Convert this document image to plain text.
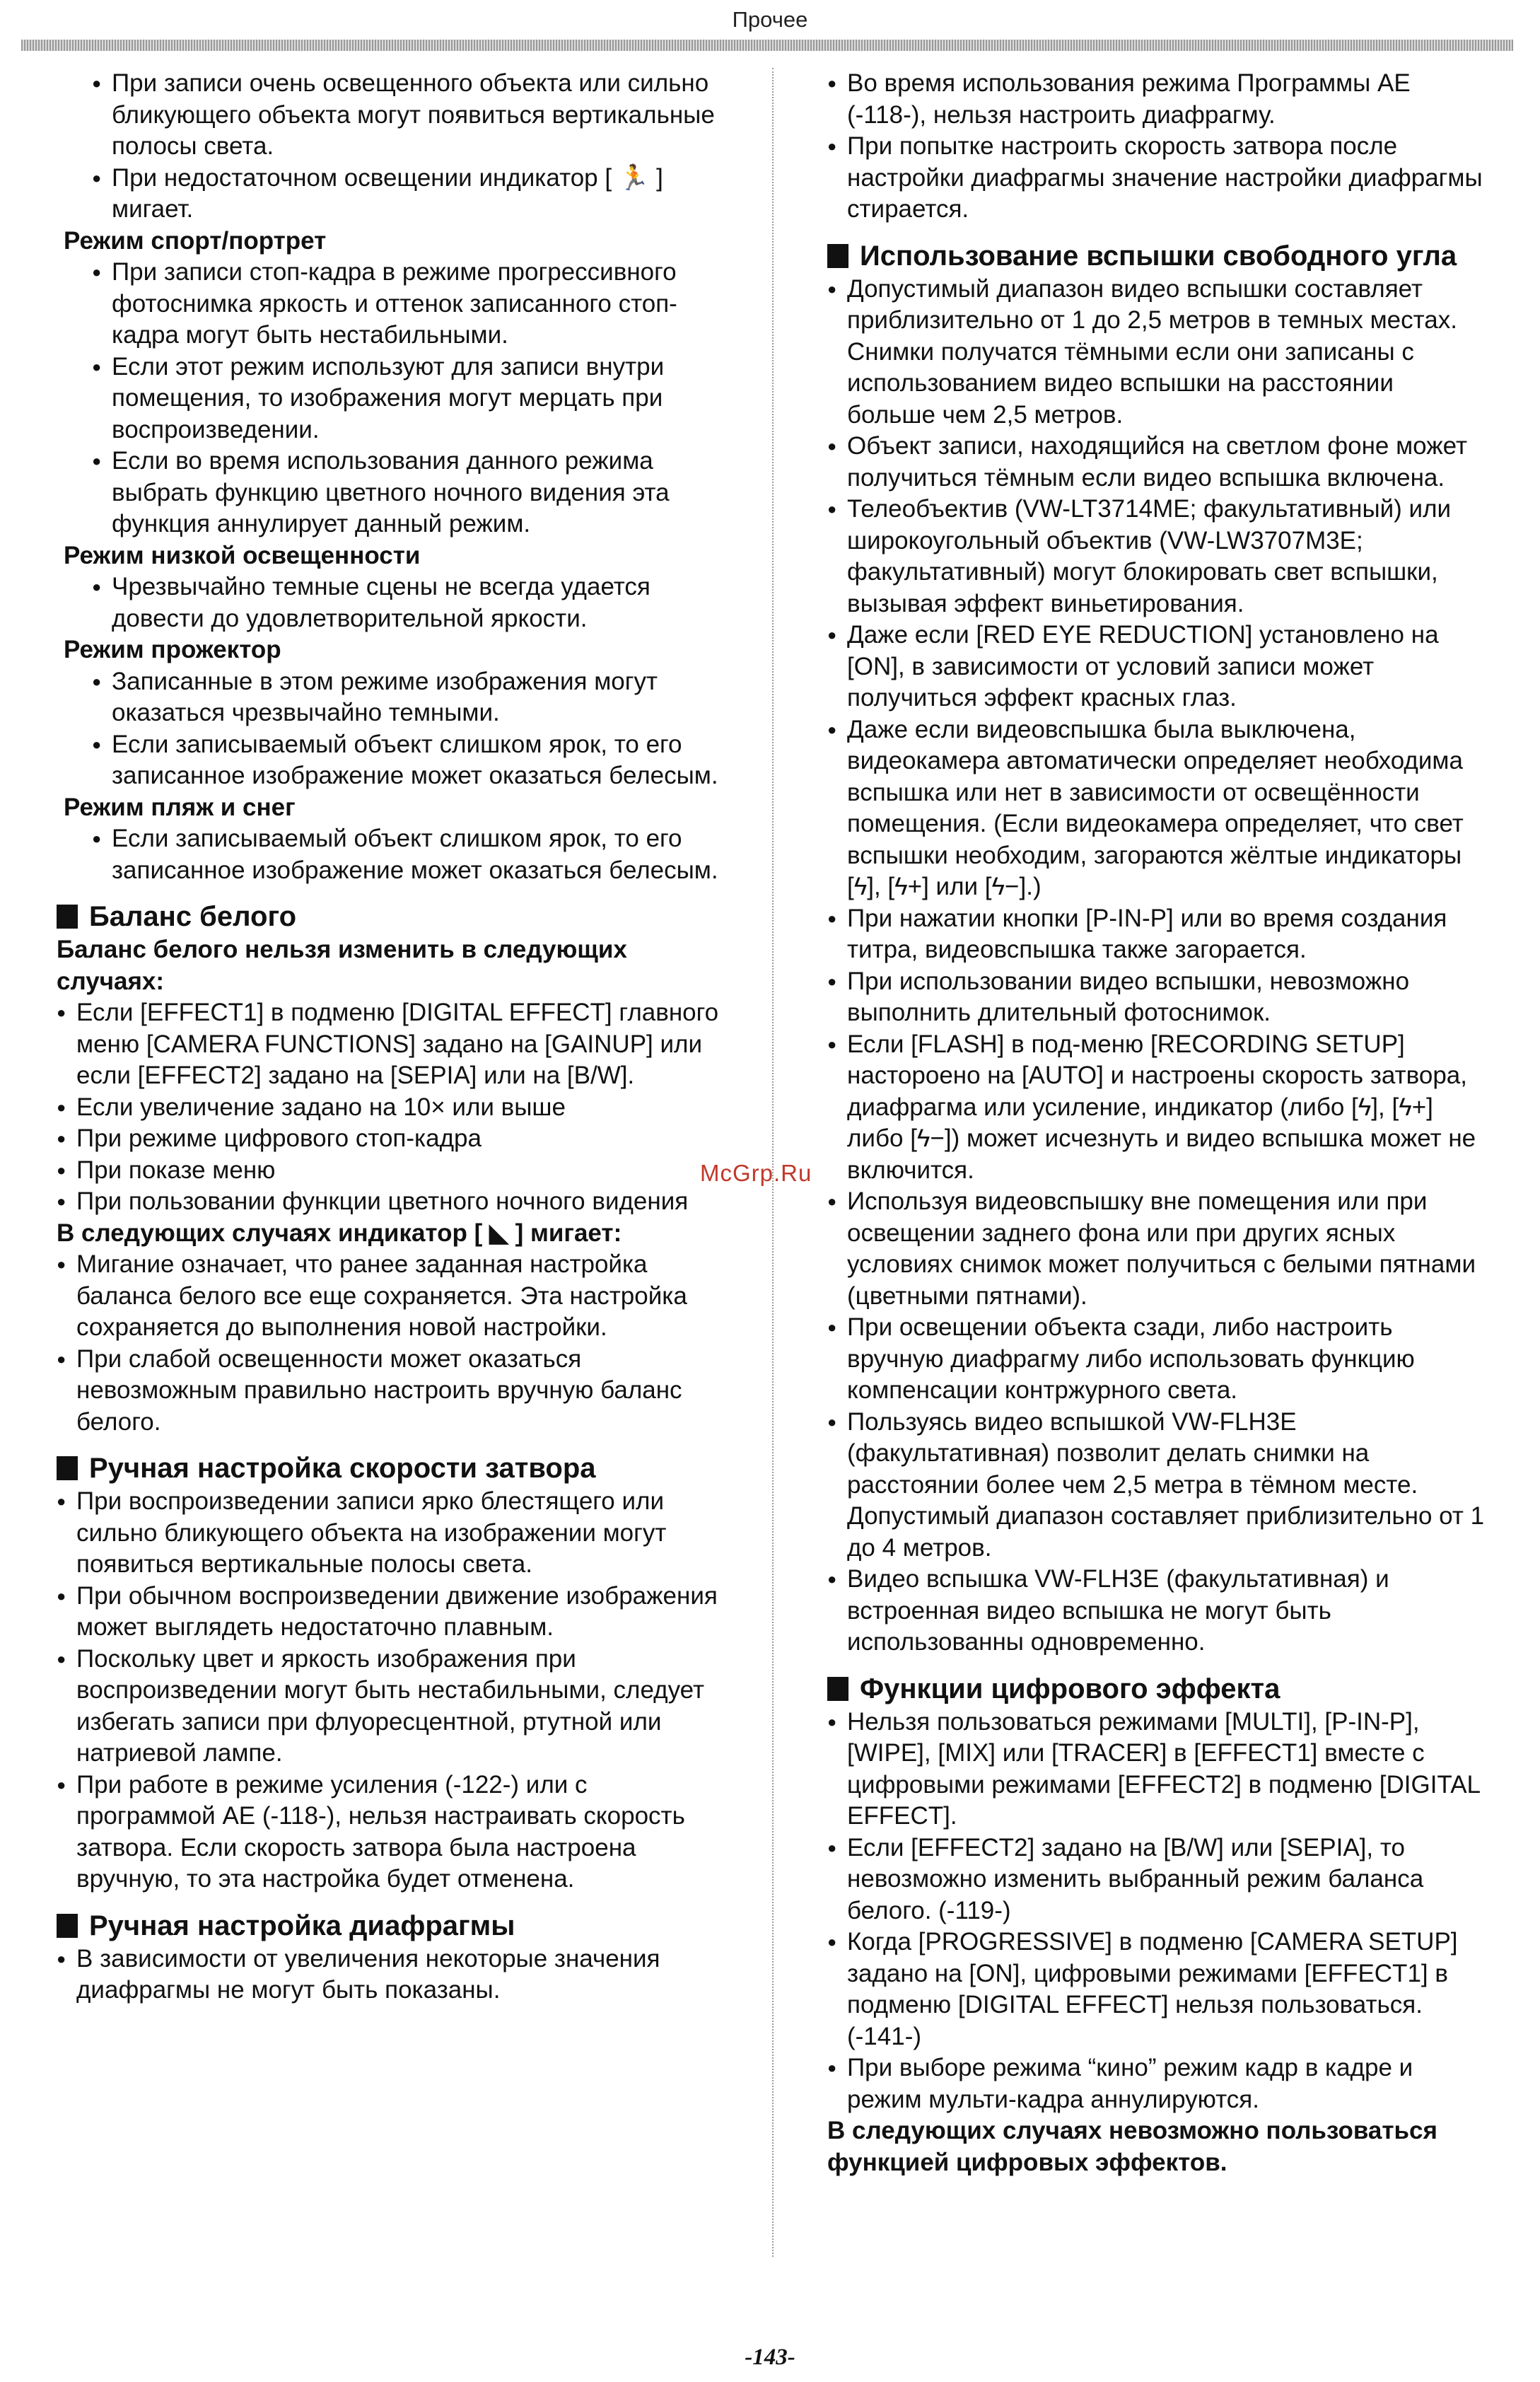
Прочее

● При записи очень освещенного объекта или сильно бликующего объекта могут появиться вертикальные полосы света.

● При недостаточном освещении индикатор [ 🏃 ] мигает.

Режим спорт/портрет

● При записи стоп-кадра в режиме прогрессивного фотоснимка яркость и оттенок записанного стоп-кадра могут быть нестабильными.

● Если этот режим используют для записи внутри помещения, то изображения могут мерцать при воспроизведении.

● Если во время использования данного режима выбрать функцию цветного ночного видения эта функция аннулирует данный режим.

Режим низкой освещенности

● Чрезвычайно темные сцены не всегда удается довести до удовлетворительной яркости.

Режим прожектор

● Записанные в этом режиме изображения могут оказаться чрезвычайно темными.

● Если записываемый объект слишком ярок, то его записанное изображение может оказаться белесым.

Режим пляж и снег

● Если записываемый объект слишком ярок, то его записанное изображение может оказаться белесым.

Баланс белого

Баланс белого нельзя изменить в следующих случаях:

● Если [EFFECT1] в подменю [DIGITAL EFFECT] главного меню [CAMERA FUNCTIONS] задано на [GAINUP] или если [EFFECT2] задано на [SEPIA] или на [B/W].

● Если увеличение задано на 10× или выше

● При режиме цифрового стоп-кадра

● При показе меню

● При пользовании функции цветного ночного видения

В следующих случаях индикатор [ ◣ ] мигает:

● Мигание означает, что ранее заданная настройка баланса белого все еще сохраняется. Эта настройка сохраняется до выполнения новой настройки.

● При слабой освещенности может оказаться невозможным правильно настроить вручную баланс белого.

Ручная настройка скорости затвора

● При воспроизведении записи ярко блестящего или сильно бликующего объекта на изображении могут появиться вертикальные полосы света.

● При обычном воспроизведении движение изображения может выглядеть недостаточно плавным.

● Поскольку цвет и яркость изображения при воспроизведении могут быть нестабильными, следует избегать записи при флуоресцентной, ртутной или натриевой лампе.

● При работе в режиме усиления (-122-) или с программой AE (-118-), нельзя настраивать скорость затвора. Если скорость затвора была настроена вручную, то эта настройка будет отменена.

Ручная настройка диафрагмы

● В зависимости от увеличения некоторые значения диафрагмы не могут быть показаны.

● Во время использования режима Программы AE (-118-), нельзя настроить диафрагму.

● При попытке настроить скорость затвора после настройки диафрагмы значение настройки диафрагмы стирается.

Использование вспышки свободного угла

● Допустимый диапазон видео вспышки составляет приблизительно от 1 до 2,5 метров в темных местах. Снимки получатся тёмными если они записаны с использованием видео вспышки на расстоянии больше чем 2,5 метров.

● Объект записи, находящийся на светлом фоне может получиться тёмным если видео вспышка включена.

● Телеобъектив (VW-LT3714ME; факультативный) или широкоугольный объектив (VW-LW3707M3E; факультативный) могут блокировать свет вспышки, вызывая эффект виньетирования.

● Даже если [RED EYE REDUCTION] установлено на [ON], в зависимости от условий записи может получиться эффект красных глаз.

● Даже если видеовспышка была выключена, видеокамера автоматически определяет необходима вспышка или нет в зависимости от освещённости помещения. (Если видеокамера определяет, что свет вспышки необходим, загораются жёлтые индикаторы [ϟ], [ϟ+] или [ϟ−].)

● При нажатии кнопки [P-IN-P] или во время создания титра, видеовспышка также загорается.

● При использовании видео вспышки, невозможно выполнить длительный фотоснимок.

● Если [FLASH] в под-меню [RECORDING SETUP] настороено на [AUTO] и настроены скорость затвора, диафрагма или усиление, индикатор (либо [ϟ], [ϟ+] либо [ϟ−]) может исчезнуть и видео вспышка может не включится.

● Используя видеовспышку вне помещения или при освещении заднего фона или при других ясных условиях снимок может получиться с белыми пятнами (цветными пятнами).

● При освещении объекта сзади, либо настроить вручную диафрагму либо использовать функцию компенсации контржурного света.

● Пользуясь видео вспышкой VW-FLH3E (факультативная) позволит делать снимки на расстоянии более чем 2,5 метра в тёмном месте. Допустимый диапазон составляет приблизительно от 1 до 4 метров.

● Видео вспышка VW-FLH3E (факультативная) и встроенная видео вспышка не могут быть использованны одновременно.

Функции цифрового эффекта

● Нельзя пользоваться режимами [MULTI], [P-IN-P], [WIPE], [MIX] или [TRACER] в [EFFECT1] вместе с цифровыми режимами [EFFECT2] в подменю [DIGITAL EFFECT].

● Если [EFFECT2] задано на [B/W] или [SEPIA], то невозможно изменить выбранный режим баланса белого. (-119-)

● Когда [PROGRESSIVE] в подменю [CAMERA SETUP] задано на [ON], цифровыми режимами [EFFECT1] в подменю [DIGITAL EFFECT] нельзя пользоваться. (-141-)

● При выборе режима “кино” режим кадр в кадре и режим мульти-кадра аннулируются.

В следующих случаях невозможно пользоваться функцией цифровых эффектов.

McGrp.Ru
-143-
